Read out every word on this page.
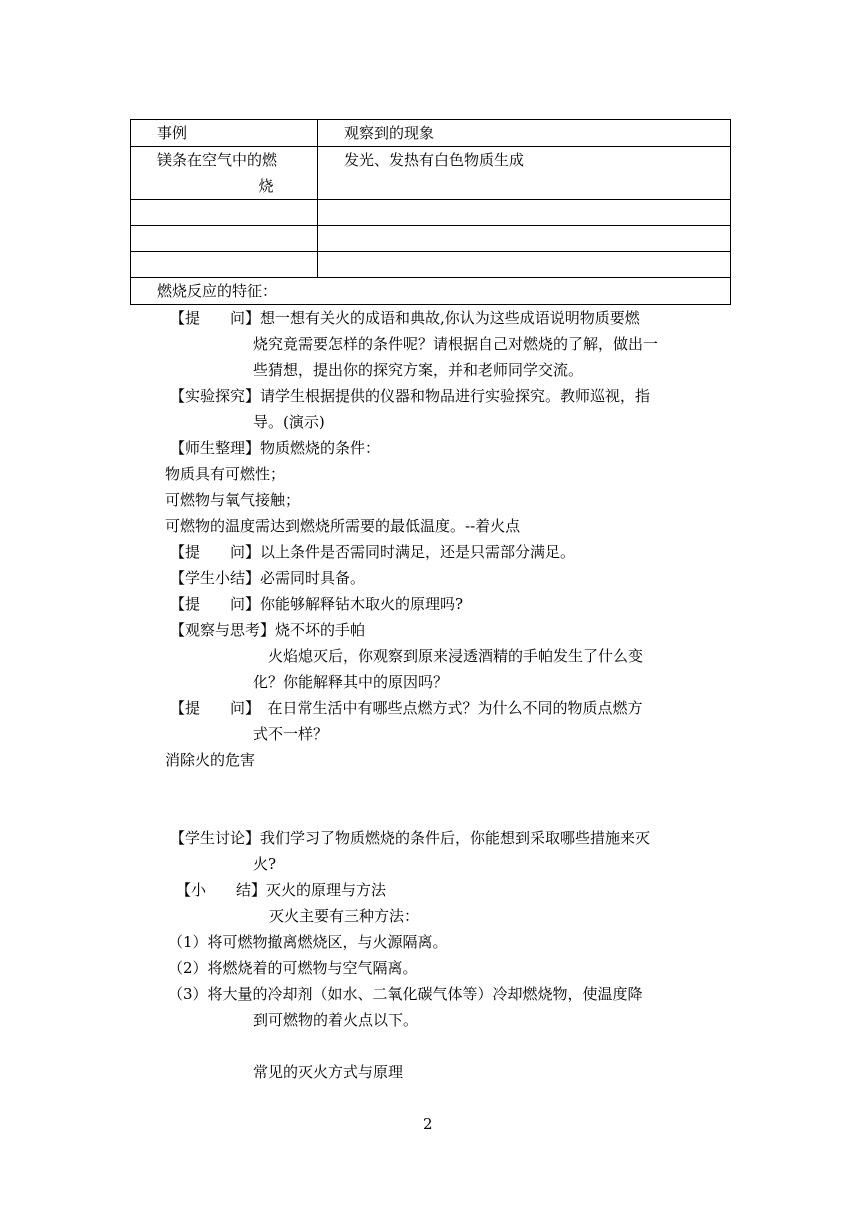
事例	观察到的现象
镁条在空气中的燃
烧	发光、发热有白色物质生成

燃烧反应的特征：	
【提　　问】想一想有关火的成语和典故,你认为这些成语说明物质要燃
烧究竟需要怎样的条件呢？请根据自己对燃烧的了解，做出一
些猜想，提出你的探究方案，并和老师同学交流。
【实验探究】请学生根据提供的仪器和物品进行实验探究。教师巡视，指
导。(演示)
【师生整理】物质燃烧的条件：
物质具有可燃性；
可燃物与氧气接触；
可燃物的温度需达到燃烧所需要的最低温度。--着火点
【提　　问】以上条件是否需同时满足，还是只需部分满足。
【学生小结】必需同时具备。
【提　　问】你能够解释钻木取火的原理吗?
【观察与思考】烧不坏的手帕
火焰熄灭后，你观察到原来浸透酒精的手帕发生了什么变
化？你能解释其中的原因吗？
【提　　问】　在日常生活中有哪些点燃方式？为什么不同的物质点燃方
式不一样？
消除火的危害
【学生讨论】我们学习了物质燃烧的条件后，你能想到采取哪些措施来灭
火?
【小　　结】灭火的原理与方法
灭火主要有三种方法：
（1）将可燃物撤离燃烧区，与火源隔离。
（2）将燃烧着的可燃物与空气隔离。
（3）将大量的冷却剂（如水、二氧化碳气体等）冷却燃烧物，使温度降
到可燃物的着火点以下。
常见的灭火方式与原理
2
